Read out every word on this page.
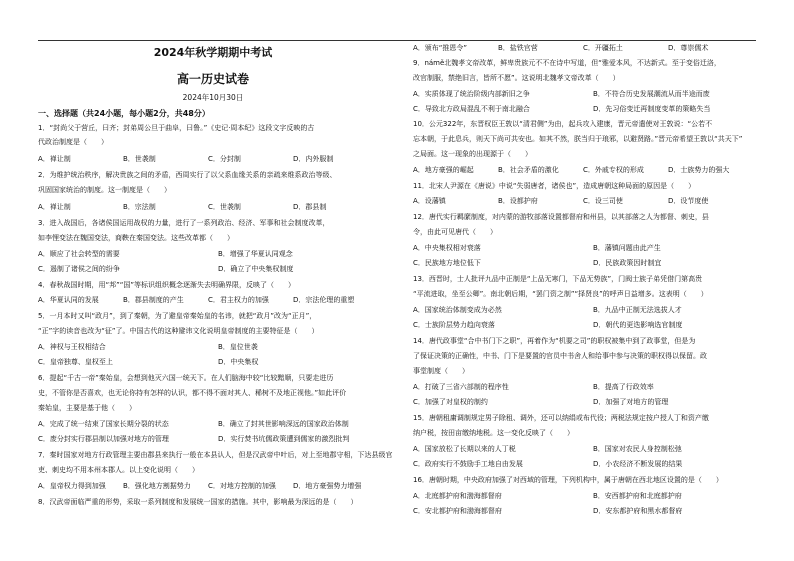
2024年秋学期期中考试
高一历史试卷
2024年10月30日
一、选择题（共24小题，每小题2分，共48分）
1．“封尚父于营丘，曰齐；封弟周公旦于曲阜，曰鲁。”《史记·周本纪》这段文字反映的古
代政治制度是（　　）
A．禅让制	B．世袭制	C．分封制	D．内外服制
2．为维护统治秩序，解决贵族之间的矛盾，西周实行了以父系血缘关系的亲疏来维系政治等级、
巩固国家统治的制度。这一制度是（　　）
A．禅让制	B．宗法制	C．世袭制	D．郡县制
3．进入战国后，各诸侯国运用战权的力量，进行了一系列政治、经济、军事和社会制度改革，
如李悝变法在魏国变法，商鞅在秦国变法。这些改革都（　　）
A．顺应了社会转型的需要	B．增强了华夏认同观念
C．遏制了诸侯之间的纷争	D．确立了中央集权制度
4．春秋战国时期，用“邦”“国”等标识组织概念逐渐失去明确界限，反映了（　　）
A．华夏认同的发展	B．郡县制度的产生	C．君主权力的加强	D．宗法伦理的重塑
5．一月本时又叫“政月”，到了秦朝，为了避皇帝秦始皇的名讳，就把“政月”改为“正月”，
“正”字的读音也改为“征”了。中国古代的这种避讳文化说明皇帝制度的主要特征是（　　）
A．神权与王权相结合	B．皇位世袭
C．皇帝独尊、皇权至上	D．中央集权
6．提起“千古一帝”秦始皇，会想到他灭六国一统天下。在人们脑海中较“比较黯顺，只要走进历
史，不管你是否喜欢，也无论你持有怎样的认识，都不得不面对其人、稀树不及地正视他。”如此评价
秦始皇，主要是基于他（　　）
A．完成了统一结束了国家长期分裂的状态	B．确立了封其世影响深远的国家政治体制
C．废分封实行郡县制以加强对地方的管理	D．实行焚书坑儒政策遭到儒家的激烈批判
7．秦时国家对地方行政管理主要由郡县来执行一般在本县认人，但是汉武帝中叶后，对上至地郡守相，下达县级官
吏、刺史均不用本州本郡人。以上变化说明（　　）
A．皇帝权力得到加强 B．强化地方割据势力 C．对地方控制的加强 D．地方豪强势力增强
8．汉武帝面临严重的形势，采取一系列制度和发展统一国家的措施。其中，影响最为深远的是（　　）
A．颁布“推恩令”	B．盐铁官营	C．开疆拓土	D．尊崇儒术
9．námě北魏孝文帝改革，鲜卑贵族元不不在诗中写道，但“雅爱本风，不达新式。至于变俗迁洛，
改官制服，禁绝旧言，皆所不愿”。这说明北魏孝文帝改革（　　）
A．实质体现了统治阶级内部新旧之争	B．不符合历史发展潮流从而半途而废
C．导致北方政局混乱不利于南北融合	D．先习俗变迁再制度变革的策略失当
10．公元322年，东晋权臣王敦以“清君侧”为由，起兵攻入建康，晋元帝遣使对王敦说：“公若不
忘本朝，于此息兵，则天下尚可共安也。如其不然，朕当归于琅邪，以避贤路。”晋元帝希望王敦以“共天下”
之局面。这一现象的出现源于（　　）
A．地方豪强的崛起	B．社会矛盾的激化	C．外戚专权的形成	D．士族势力的强大
11．北宋人尹源在《唐说》中说“失弱唐者，诸侯也”，造成唐朝这种局面的原因是（　　）
A．设藩镇	B．设都护府	C．设三司使	D．设节度使
12．唐代实行羁縻制度，对内蒙的游牧部落设置都督府和州县，以其部落之人为都督、刺史，县
令，由此可见唐代（　　）
A．中央集权相对衰落	B．藩镇问题由此产生
C．民族地方地位低下	D．民族政策因时制宜
13．西晋时，士人批评九品中正制是“上品无寒门，下品无势族”，门阀士族子弟凭借门第高贵
“平流进取，坐至公卿”。南北朝后期，“罢门资之制”“择贤良”的呼声日益增多。这表明（　　）
A．国家统治体制变成为必然	B．九品中正制无法选拔人才
C．士族阶层势力趋向衰落	D．朝代的更迭影响选官制度
14．唐代政事堂“合中书门下之职”，再着作为“机要之司”的职权被集中到了政事堂，但是为
了保证决策的正确性，中书、门下是要置的官员中书舍人和给事中参与决策的职权得以保留。政
事堂制度（　　）
A．打破了三省六部制的程序性	B．提高了行政效率
C．加强了对皇权的制约	D．加强了对地方的管理
15．唐朝租庸调制规定男子除租、调外，还可以纳绢或布代役；两税法规定按户授人丁和资产缴
纳户税，按田亩缴纳地税。这一变化反映了（　　）
A．国家放松了长期以来的人丁税	B．国家对农民人身控制松弛
C．政府实行不鼓励手工地自由发展	D．小农经济不断发展的结果
16．唐朝时期，中央政府加强了对西域的管理，下列机构中，属于唐朝在西北地区设置的是（　　）
A．北庭都护府和渤海都督府	B．安西都护府和北庭都护府
C．安北都护府和渤海都督府	D．安东都护府和黑水都督府
